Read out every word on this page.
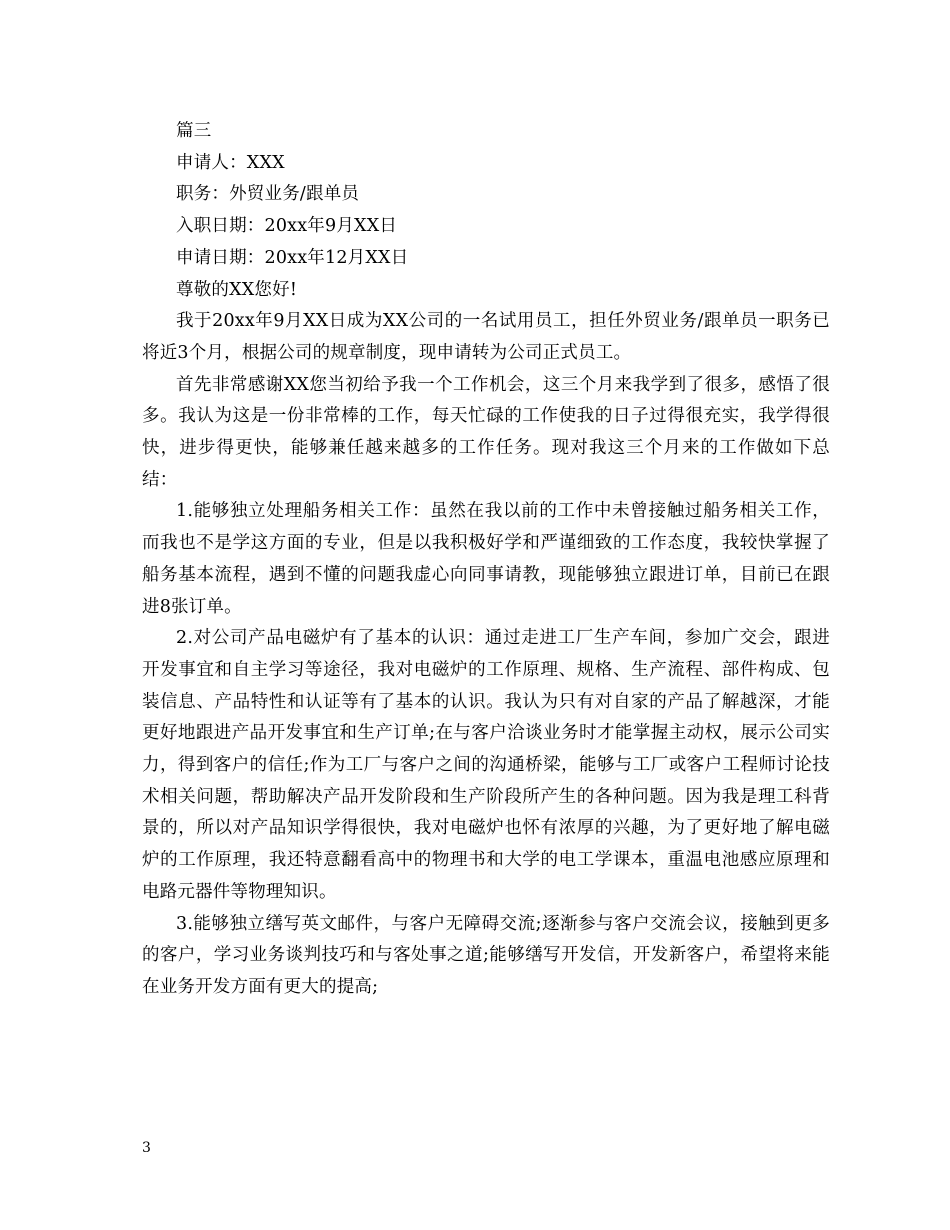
篇三

申请人：XXX

职务：外贸业务/跟单员

入职日期：20xx年9月XX日

申请日期：20xx年12月XX日

尊敬的XX您好!

我于20xx年9月XX日成为XX公司的一名试用员工，担任外贸业务/跟单员一职务已将近3个月，根据公司的规章制度，现申请转为公司正式员工。

首先非常感谢XX您当初给予我一个工作机会，这三个月来我学到了很多，感悟了很多。我认为这是一份非常棒的工作，每天忙碌的工作使我的日子过得很充实，我学得很快，进步得更快，能够兼任越来越多的工作任务。现对我这三个月来的工作做如下总结：

1.能够独立处理船务相关工作：虽然在我以前的工作中未曾接触过船务相关工作，而我也不是学这方面的专业，但是以我积极好学和严谨细致的工作态度，我较快掌握了船务基本流程，遇到不懂的问题我虚心向同事请教，现能够独立跟进订单，目前已在跟进8张订单。

2.对公司产品电磁炉有了基本的认识：通过走进工厂生产车间，参加广交会，跟进开发事宜和自主学习等途径，我对电磁炉的工作原理、规格、生产流程、部件构成、包装信息、产品特性和认证等有了基本的认识。我认为只有对自家的产品了解越深，才能更好地跟进产品开发事宜和生产订单;在与客户洽谈业务时才能掌握主动权，展示公司实力，得到客户的信任;作为工厂与客户之间的沟通桥梁，能够与工厂或客户工程师讨论技术相关问题，帮助解决产品开发阶段和生产阶段所产生的各种问题。因为我是理工科背景的，所以对产品知识学得很快，我对电磁炉也怀有浓厚的兴趣，为了更好地了解电磁炉的工作原理，我还特意翻看高中的物理书和大学的电工学课本，重温电池感应原理和电路元器件等物理知识。

3.能够独立缮写英文邮件，与客户无障碍交流;逐渐参与客户交流会议，接触到更多的客户，学习业务谈判技巧和与客处事之道;能够缮写开发信，开发新客户，希望将来能在业务开发方面有更大的提高;

3
